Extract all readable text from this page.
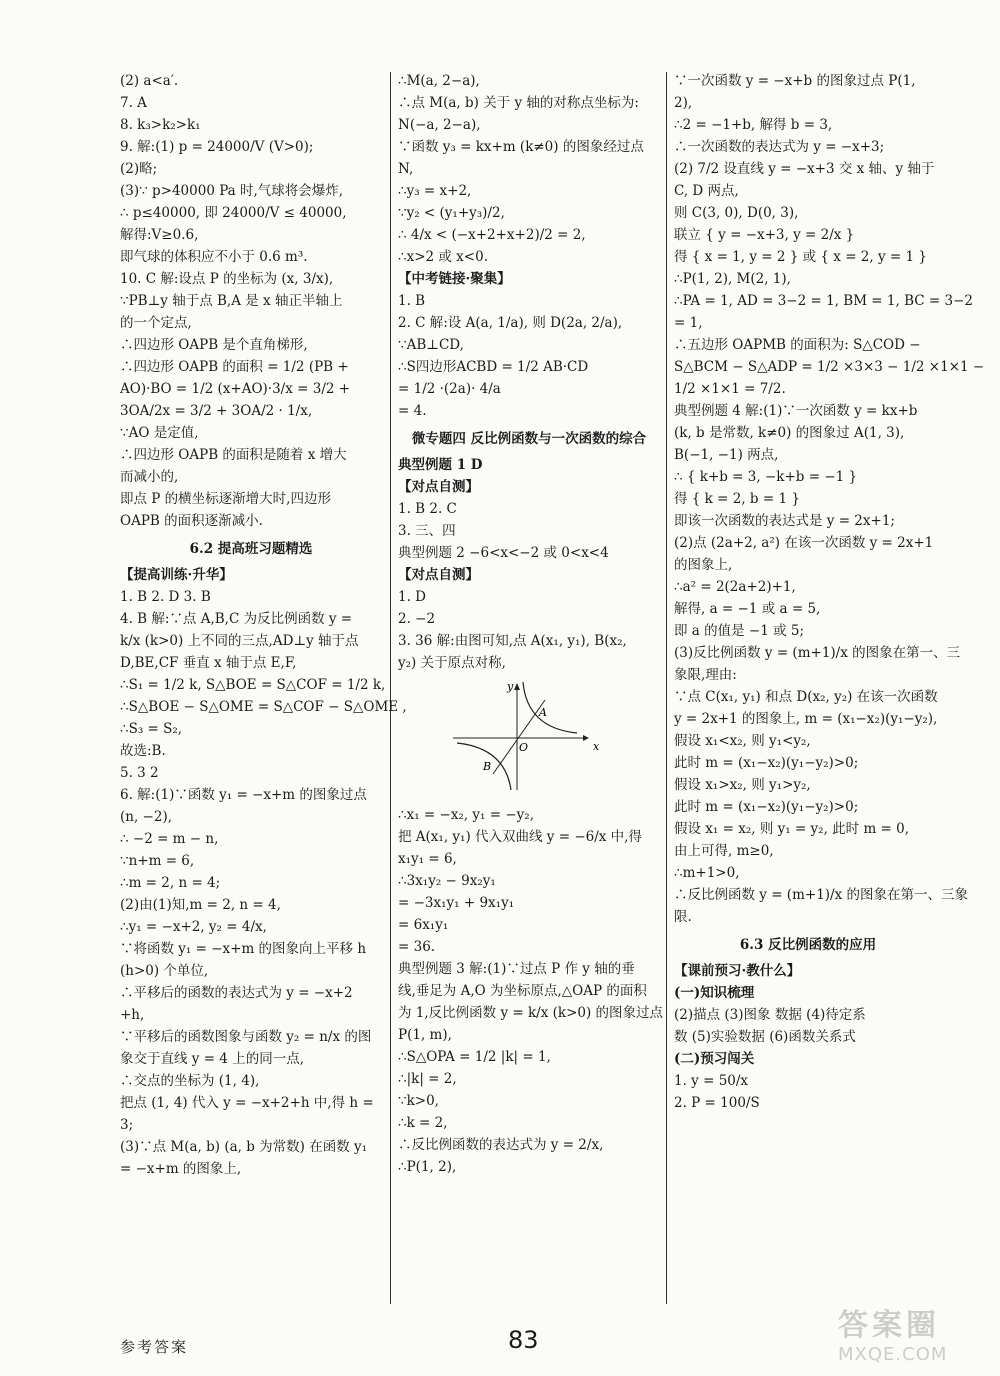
(2) a<a′.
7. A
8. k₃>k₂>k₁
9. 解:(1) p = 24000/V (V>0);
(2)略;
(3)∵ p>40000 Pa 时,气球将会爆炸,
∴ p≤40000, 即 24000/V ≤ 40000,
解得:V≥0.6,
即气球的体积应不小于 0.6 m³.
10. C 解:设点 P 的坐标为 (x, 3/x),
∵PB⊥y 轴于点 B,A 是 x 轴正半轴上
的一个定点,
∴四边形 OAPB 是个直角梯形,
∴四边形 OAPB 的面积 = 1/2 (PB +
AO)·BO = 1/2 (x+AO)·3/x = 3/2 +
3OA/2x = 3/2 + 3OA/2 · 1/x,
∵AO 是定值,
∴四边形 OAPB 的面积是随着 x 增大
而减小的,
即点 P 的横坐标逐渐增大时,四边形
OAPB 的面积逐渐减小.
6.2 提高班习题精选
【提高训练·升华】
1. B 2. D 3. B
4. B 解:∵点 A,B,C 为反比例函数 y =
k/x (k>0) 上不同的三点,AD⊥y 轴于点
D,BE,CF 垂直 x 轴于点 E,F,
∴S₁ = 1/2 k, S△BOE = S△COF = 1/2 k,
∴S△BOE − S△OME = S△COF − S△OME ,
∴S₃ = S₂,
故选:B.
5. 3 2
6. 解:(1)∵函数 y₁ = −x+m 的图象过点
(n, −2),
∴ −2 = m − n,
∵n+m = 6,
∴m = 2, n = 4;
(2)由(1)知,m = 2, n = 4,
∴y₁ = −x+2, y₂ = 4/x,
∵将函数 y₁ = −x+m 的图象向上平移 h
(h>0) 个单位,
∴平移后的函数的表达式为 y = −x+2
+h,
∵平移后的函数图象与函数 y₂ = n/x 的图
象交于直线 y = 4 上的同一点,
∴交点的坐标为 (1, 4),
把点 (1, 4) 代入 y = −x+2+h 中,得 h =
3;
(3)∵点 M(a, b) (a, b 为常数) 在函数 y₁
= −x+m 的图象上,
∴M(a, 2−a),
∴点 M(a, b) 关于 y 轴的对称点坐标为:
N(−a, 2−a),
∵函数 y₃ = kx+m (k≠0) 的图象经过点
N,
∴y₃ = x+2,
∵y₂ < (y₁+y₃)/2,
∴ 4/x < (−x+2+x+2)/2 = 2,
∴x>2 或 x<0.
【中考链接·聚集】
1. B
2. C 解:设 A(a, 1/a), 则 D(2a, 2/a),
∵AB⊥CD,
∴S四边形ACBD = 1/2 AB·CD
= 1/2 ·(2a)· 4/a
= 4.
微专题四 反比例函数与一次函数的综合
典型例题 1 D
【对点自测】
1. B 2. C
3. 三、四
典型例题 2 −6<x<−2 或 0<x<4
【对点自测】
1. D
2. −2
3. 36 解:由图可知,点 A(x₁, y₁), B(x₂,
y₂) 关于原点对称,
x
y
O
A
B
∴x₁ = −x₂, y₁ = −y₂,
把 A(x₁, y₁) 代入双曲线 y = −6/x 中,得
x₁y₁ = 6,
∴3x₁y₂ − 9x₂y₁
= −3x₁y₁ + 9x₁y₁
= 6x₁y₁
= 36.
典型例题 3 解:(1)∵过点 P 作 y 轴的垂
线,垂足为 A,O 为坐标原点,△OAP 的面积
为 1,反比例函数 y = k/x (k>0) 的图象过点
P(1, m),
∴S△OPA = 1/2 |k| = 1,
∴|k| = 2,
∵k>0,
∴k = 2,
∴反比例函数的表达式为 y = 2/x,
∴P(1, 2),
∵一次函数 y = −x+b 的图象过点 P(1,
2),
∴2 = −1+b, 解得 b = 3,
∴一次函数的表达式为 y = −x+3;
(2) 7/2 设直线 y = −x+3 交 x 轴、y 轴于
C, D 两点,
则 C(3, 0), D(0, 3),
联立 { y = −x+3, y = 2/x }
得 { x = 1, y = 2 } 或 { x = 2, y = 1 }
∴P(1, 2), M(2, 1),
∴PA = 1, AD = 3−2 = 1, BM = 1, BC = 3−2
= 1,
∴五边形 OAPMB 的面积为: S△COD −
S△BCM − S△ADP = 1/2 ×3×3 − 1/2 ×1×1 −
1/2 ×1×1 = 7/2.
典型例题 4 解:(1)∵一次函数 y = kx+b
(k, b 是常数, k≠0) 的图象过 A(1, 3),
B(−1, −1) 两点,
∴ { k+b = 3, −k+b = −1 }
得 { k = 2, b = 1 }
即该一次函数的表达式是 y = 2x+1;
(2)点 (2a+2, a²) 在该一次函数 y = 2x+1
的图象上,
∴a² = 2(2a+2)+1,
解得, a = −1 或 a = 5,
即 a 的值是 −1 或 5;
(3)反比例函数 y = (m+1)/x 的图象在第一、三
象限,理由:
∵点 C(x₁, y₁) 和点 D(x₂, y₂) 在该一次函数
y = 2x+1 的图象上, m = (x₁−x₂)(y₁−y₂),
假设 x₁<x₂, 则 y₁<y₂,
此时 m = (x₁−x₂)(y₁−y₂)>0;
假设 x₁>x₂, 则 y₁>y₂,
此时 m = (x₁−x₂)(y₁−y₂)>0;
假设 x₁ = x₂, 则 y₁ = y₂, 此时 m = 0,
由上可得, m≥0,
∴m+1>0,
∴反比例函数 y = (m+1)/x 的图象在第一、三象
限.
6.3 反比例函数的应用
【课前预习·教什么】
(一)知识梳理
(2)描点 (3)图象 数据 (4)待定系
数 (5)实验数据 (6)函数关系式
(二)预习闯关
1. y = 50/x
2. P = 100/S
参考答案	83	答案圈
MXQE.COM
